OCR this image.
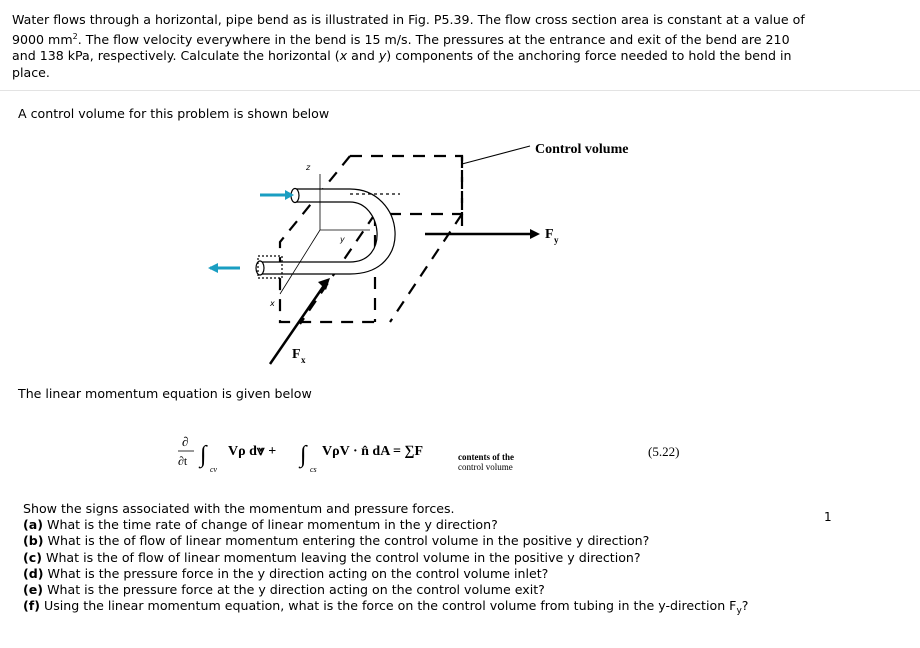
Water flows through a horizontal, pipe bend as is illustrated in Fig. P5.39. The flow cross section area is constant at a value of 9000 $mm^2$. The flow velocity everywhere in the bend is 15 m/s. The pressures at the entrance and exit of the bend are 210 and 138 kPa, respectively. Calculate the horizontal (x and y) components of the anchoring force needed to hold the bend in place.
A control volume for this problem is shown below
z
y
x
Control volume
F y
F x
The linear momentum equation is given below
∂
∂t ∫
cv
Vρ d⩔ + ∫
cs
VρV · n̂ dA = ∑F	contents of the
control volume
(5.22)
Show the signs associated with the momentum and pressure forces.
(a) What is the time rate of change of linear momentum in the y direction?
(b) What is the of flow of linear momentum entering the control volume in the positive y direction?
(c) What is the of flow of linear momentum leaving the control volume in the positive y direction?
(d) What is the pressure force in the y direction acting on the control volume inlet?
(e) What is the pressure force at the y direction acting on the control volume exit?
(f) Using the linear momentum equation, what is the force on the control volume from tubing in the y-direction $F_y$?
1
